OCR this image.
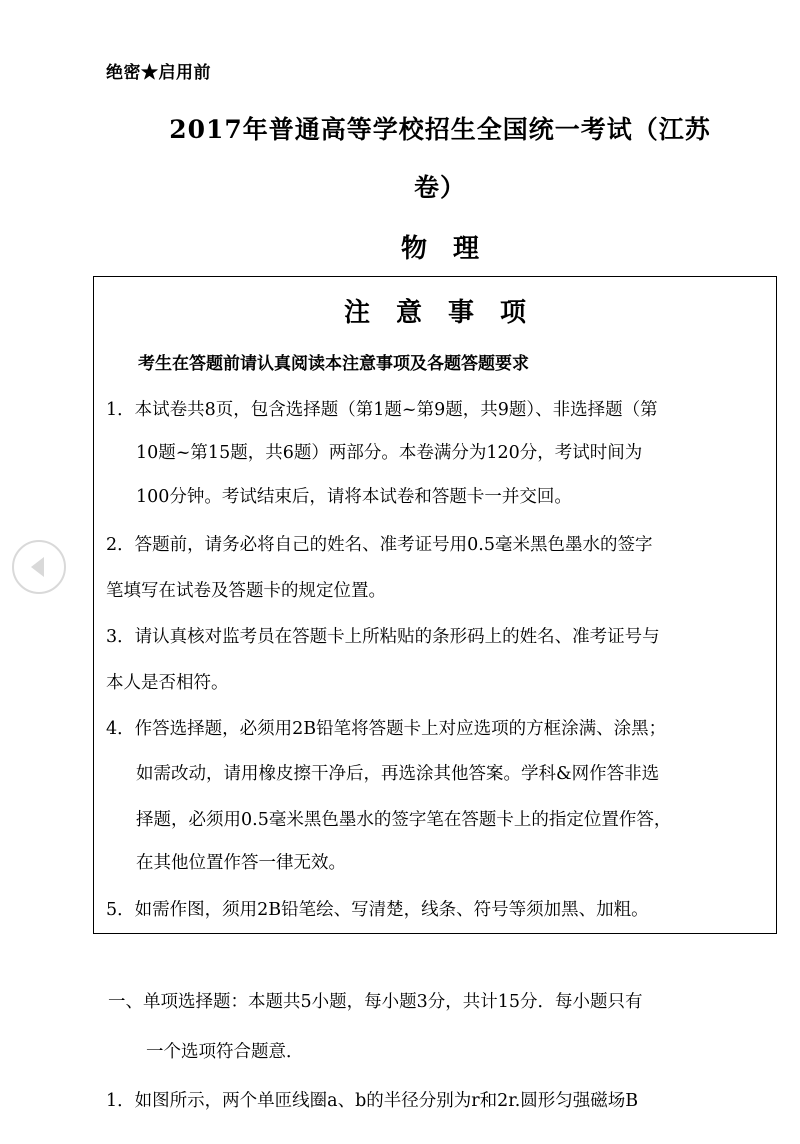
绝密★启用前
2017年普通高等学校招生全国统一考试（江苏
卷）
物　理
注　意　事　项
考生在答题前请认真阅读本注意事项及各题答题要求
1．本试卷共8页，包含选择题（第1题~第9题，共9题）、非选择题（第
10题~第15题，共6题）两部分。本卷满分为120分，考试时间为
100分钟。考试结束后，请将本试卷和答题卡一并交回。
2．答题前，请务必将自己的姓名、准考证号用0.5毫米黑色墨水的签字
笔填写在试卷及答题卡的规定位置。
3．请认真核对监考员在答题卡上所粘贴的条形码上的姓名、准考证号与
本人是否相符。
4．作答选择题，必须用2B铅笔将答题卡上对应选项的方框涂满、涂黑；
如需改动，请用橡皮擦干净后，再选涂其他答案。学科&网作答非选
择题，必须用0.5毫米黑色墨水的签字笔在答题卡上的指定位置作答，
在其他位置作答一律无效。
5．如需作图，须用2B铅笔绘、写清楚，线条、符号等须加黑、加粗。
一、单项选择题：本题共5小题，每小题3分，共计15分．每小题只有
一个选项符合题意．
1．如图所示，两个单匝线圈a、b的半径分别为r和2r.圆形匀强磁场B
